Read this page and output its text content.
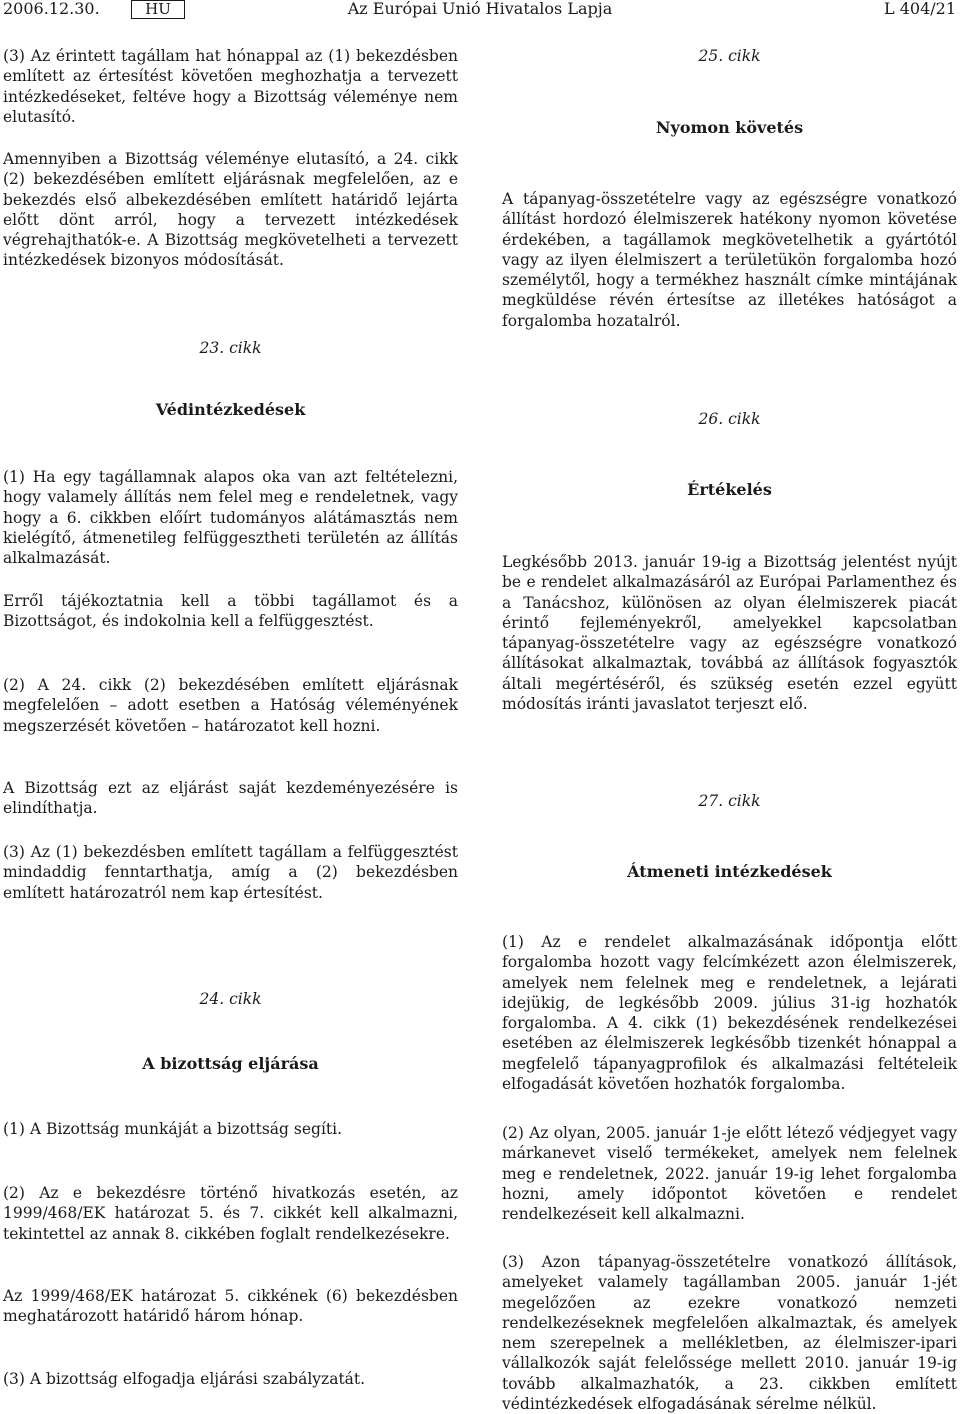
2006.12.30.	HU	Az Európai Unió Hivatalos Lapja	L 404/21

(3) Az érintett tagállam hat hónappal az (1) bekezdésben említett az értesítést követően meghozhatja a tervezett intézkedéseket, feltéve hogy a Bizottság véleménye nem elutasító.

Amennyiben a Bizottság véleménye elutasító, a 24. cikk (2) bekezdésében említett eljárásnak megfelelően, az e bekezdés első albekezdésében említett határidő lejárta előtt dönt arról, hogy a tervezett intézkedések végrehajthatók-e. A Bizottság megkövetelheti a tervezett intézkedések bizonyos módosítását.

23. cikk

Védintézkedések

(1) Ha egy tagállamnak alapos oka van azt feltételezni, hogy valamely állítás nem felel meg e rendeletnek, vagy hogy a 6. cikkben előírt tudományos alátámasztás nem kielégítő, átmenetileg felfüggesztheti területén az állítás alkalmazását.

Erről tájékoztatnia kell a többi tagállamot és a Bizottságot, és indokolnia kell a felfüggesztést.

(2) A 24. cikk (2) bekezdésében említett eljárásnak megfelelően – adott esetben a Hatóság véleményének megszerzését követően – határozatot kell hozni.

A Bizottság ezt az eljárást saját kezdeményezésére is elindíthatja.

(3) Az (1) bekezdésben említett tagállam a felfüggesztést mindaddig fenntarthatja, amíg a (2) bekezdésben említett határozatról nem kap értesítést.

24. cikk

A bizottság eljárása

(1) A Bizottság munkáját a bizottság segíti.

(2) Az e bekezdésre történő hivatkozás esetén, az 1999/468/EK határozat 5. és 7. cikkét kell alkalmazni, tekintettel az annak 8. cikkében foglalt rendelkezésekre.

Az 1999/468/EK határozat 5. cikkének (6) bekezdésben meghatározott határidő három hónap.

(3) A bizottság elfogadja eljárási szabályzatát.

25. cikk

Nyomon követés

A tápanyag-összetételre vagy az egészségre vonatkozó állítást hordozó élelmiszerek hatékony nyomon követése érdekében, a tagállamok megkövetelhetik a gyártótól vagy az ilyen élelmiszert a területükön forgalomba hozó személytől, hogy a termékhez használt címke mintájának megküldése révén értesítse az illetékes hatóságot a forgalomba hozatalról.

26. cikk

Értékelés

Legkésőbb 2013. január 19-ig a Bizottság jelentést nyújt be e rendelet alkalmazásáról az Európai Parlamenthez és a Tanácshoz, különösen az olyan élelmiszerek piacát érintő fejleményekről, amelyekkel kapcsolatban tápanyag-összetételre vagy az egészségre vonatkozó állításokat alkalmaztak, továbbá az állítások fogyasztók általi megértéséről, és szükség esetén ezzel együtt módosítás iránti javaslatot terjeszt elő.

27. cikk

Átmeneti intézkedések

(1) Az e rendelet alkalmazásának időpontja előtt forgalomba hozott vagy felcímkézett azon élelmiszerek, amelyek nem felelnek meg e rendeletnek, a lejárati idejükig, de legkésőbb 2009. július 31-ig hozhatók forgalomba. A 4. cikk (1) bekezdésének rendelkezései esetében az élelmiszerek legkésőbb tizenkét hónappal a megfelelő tápanyagprofilok és alkalmazási feltételeik elfogadását követően hozhatók forgalomba.

(2) Az olyan, 2005. január 1-je előtt létező védjegyet vagy márkanevet viselő termékeket, amelyek nem felelnek meg e rendeletnek, 2022. január 19-ig lehet forgalomba hozni, amely időpontot követően e rendelet rendelkezéseit kell alkalmazni.

(3) Azon tápanyag-összetételre vonatkozó állítások, amelyeket valamely tagállamban 2005. január 1-jét megelőzően az ezekre vonatkozó nemzeti rendelkezéseknek megfelelően alkalmaztak, és amelyek nem szerepelnek a mellékletben, az élelmiszer-ipari vállalkozók saját felelőssége mellett 2010. január 19-ig tovább alkalmazhatók, a 23. cikkben említett védintézkedések elfogadásának sérelme nélkül.
